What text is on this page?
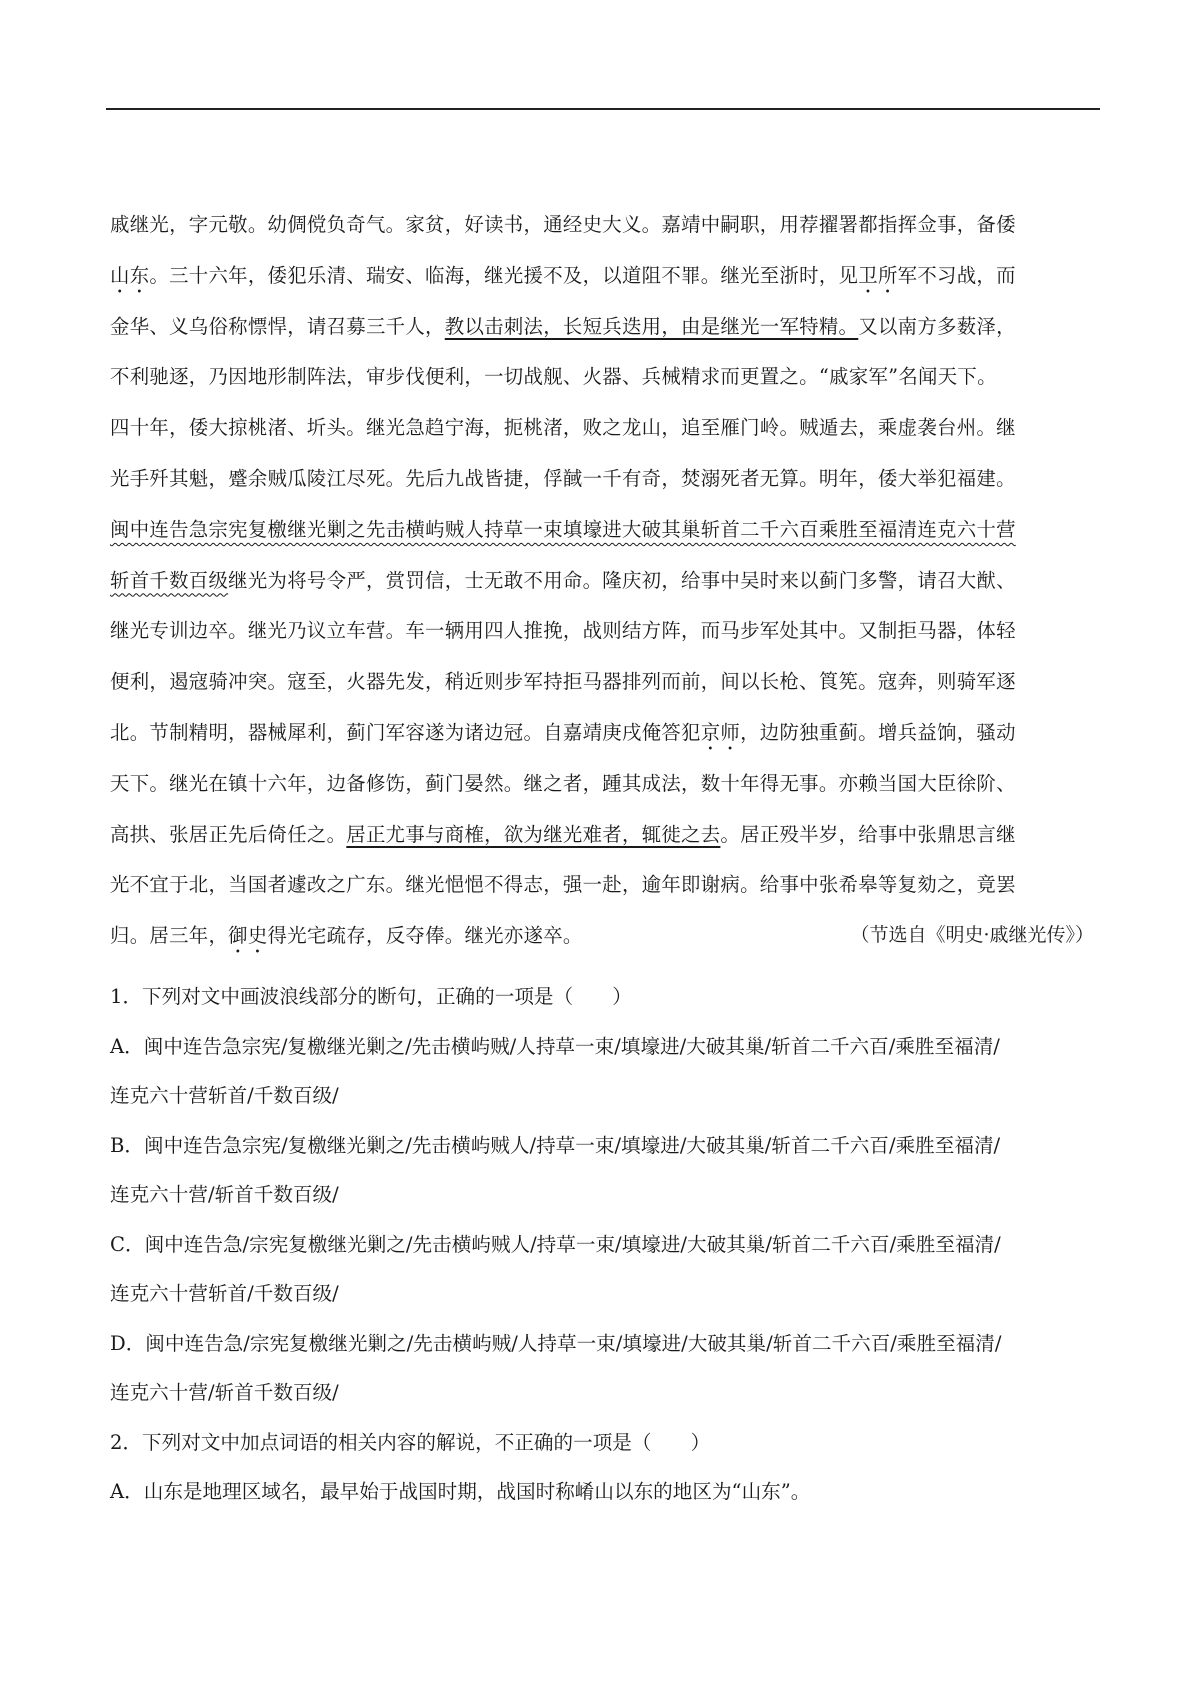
戚继光，字元敬。幼倜傥负奇气。家贫，好读书，通经史大义。嘉靖中嗣职，用荐擢署都指挥佥事，备倭
山东。三十六年，倭犯乐清、瑞安、临海，继光援不及，以道阻不罪。继光至浙时，见卫所军不习战，而
金华、义乌俗称慓悍，请召募三千人，教以击刺法，长短兵迭用，由是继光一军特精。又以南方多薮泽，
不利驰逐，乃因地形制阵法，审步伐便利，一切战舰、火器、兵械精求而更置之。“戚家军”名闻天下。
四十年，倭大掠桃渚、圻头。继光急趋宁海，扼桃渚，败之龙山，追至雁门岭。贼遁去，乘虚袭台州。继
光手歼其魁，蹙余贼瓜陵江尽死。先后九战皆捷，俘馘一千有奇，焚溺死者无算。明年，倭大举犯福建。
闽中连告急宗宪复檄继光剿之先击横屿贼人持草一束填壕进大破其巢斩首二千六百乘胜至福清连克六十营
斩首千数百级继光为将号令严，赏罚信，士无敢不用命。隆庆初，给事中吴时来以蓟门多警，请召大猷、
继光专训边卒。继光乃议立车营。车一辆用四人推挽，战则结方阵，而马步军处其中。又制拒马器，体轻
便利，遏寇骑冲突。寇至，火器先发，稍近则步军持拒马器排列而前，间以长枪、筤筅。寇奔，则骑军逐
北。节制精明，器械犀利，蓟门军容遂为诸边冠。自嘉靖庚戌俺答犯京师，边防独重蓟。增兵益饷，骚动
天下。继光在镇十六年，边备修饬，蓟门晏然。继之者，踵其成法，数十年得无事。亦赖当国大臣徐阶、
高拱、张居正先后倚任之。居正尤事与商榷，欲为继光难者，辄徙之去。居正殁半岁，给事中张鼎思言继
光不宜于北，当国者遽改之广东。继光悒悒不得志，强一赴，逾年即谢病。给事中张希皋等复劾之，竟罢
归。居三年，御史得光宅疏存，反夺俸。继光亦遂卒。	（节选自《明史·戚继光传》）
1．下列对文中画波浪线部分的断句，正确的一项是（　　）
A．闽中连告急宗宪/复檄继光剿之/先击横屿贼/人持草一束/填壕进/大破其巢/斩首二千六百/乘胜至福清/
连克六十营斩首/千数百级/
B．闽中连告急宗宪/复檄继光剿之/先击横屿贼人/持草一束/填壕进/大破其巢/斩首二千六百/乘胜至福清/
连克六十营/斩首千数百级/
C．闽中连告急/宗宪复檄继光剿之/先击横屿贼人/持草一束/填壕进/大破其巢/斩首二千六百/乘胜至福清/
连克六十营斩首/千数百级/
D．闽中连告急/宗宪复檄继光剿之/先击横屿贼/人持草一束/填壕进/大破其巢/斩首二千六百/乘胜至福清/
连克六十营/斩首千数百级/
2．下列对文中加点词语的相关内容的解说，不正确的一项是（　　）
A．山东是地理区域名，最早始于战国时期，战国时称崤山以东的地区为“山东”。
